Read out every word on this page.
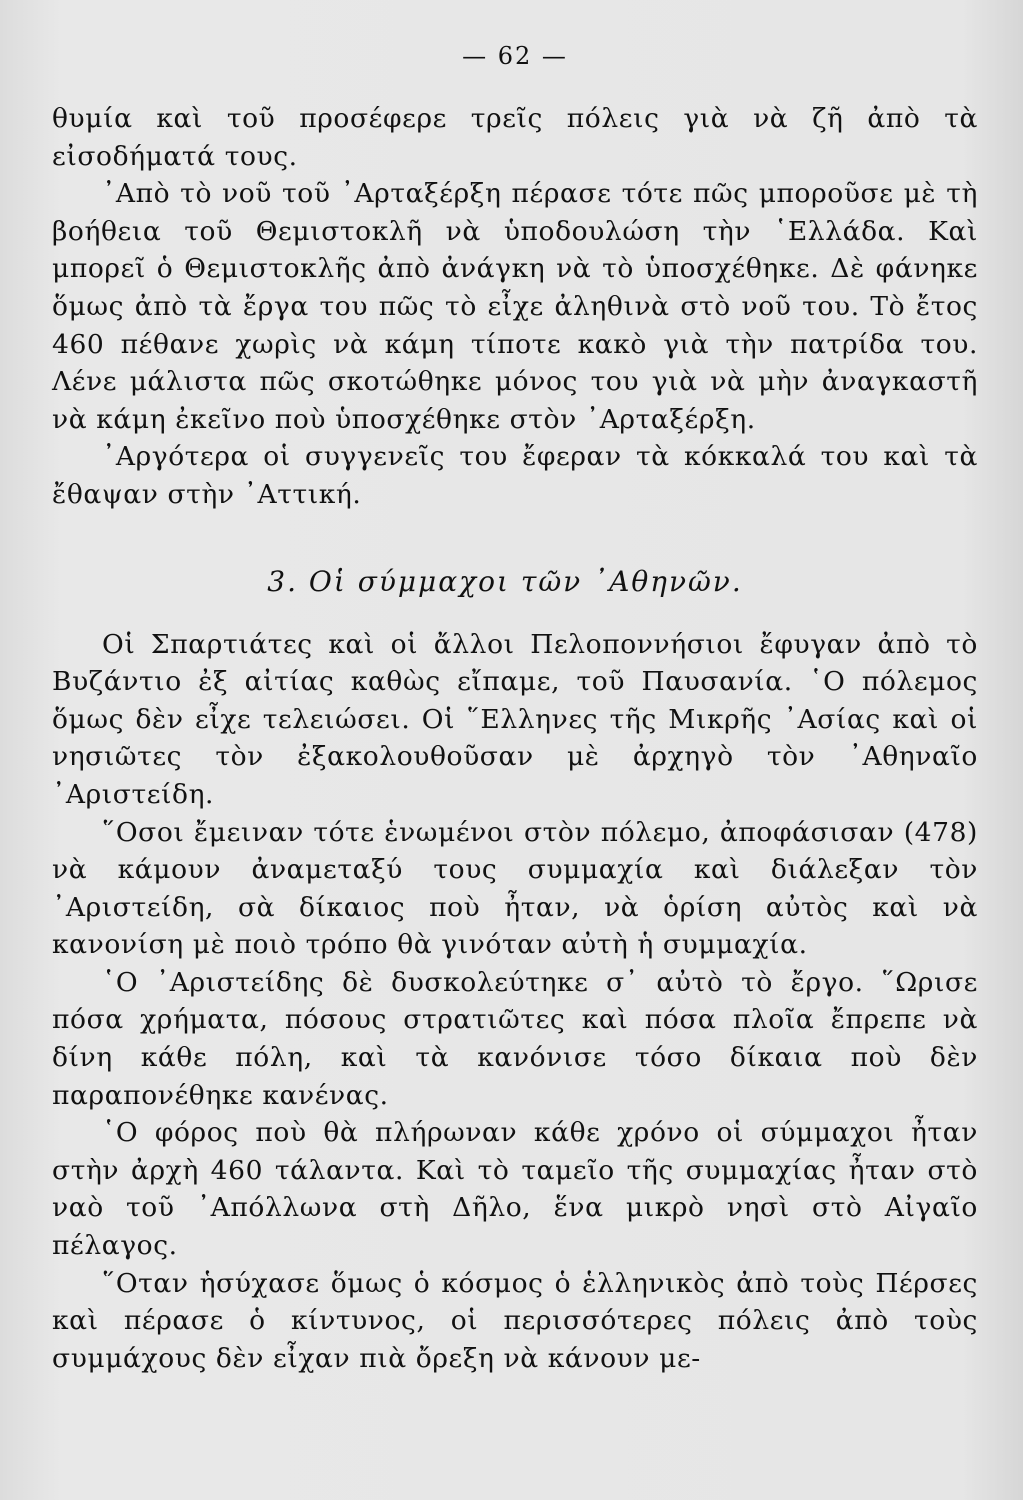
— 62 —

θυμία καὶ τοῦ προσέφερε τρεῖς πόλεις γιὰ νὰ ζῆ ἀπὸ τὰ εἰσοδήματά τους.

᾿Απὸ τὸ νοῦ τοῦ ᾿Αρταξέρξη πέρασε τότε πῶς μποροῦσε μὲ τὴ βοήθεια τοῦ Θεμιστοκλῆ νὰ ὑποδουλώση τὴν ῾Ελλάδα. Καὶ μπορεῖ ὁ Θεμιστοκλῆς ἀπὸ ἀνάγκη νὰ τὸ ὑποσχέθηκε. Δὲ φάνηκε ὅμως ἀπὸ τὰ ἔργα του πῶς τὸ εἶχε ἀληθινὰ στὸ νοῦ του. Τὸ ἔτος 460 πέθανε χωρὶς νὰ κάμη τίποτε κακὸ γιὰ τὴν πατρίδα του. Λένε μάλιστα πῶς σκοτώθηκε μόνος του γιὰ νὰ μὴν ἀναγκαστῆ νὰ κάμη ἐκεῖνο ποὺ ὑποσχέθηκε στὸν ᾿Αρταξέρξη.

᾿Αργότερα οἱ συγγενεῖς του ἔφεραν τὰ κόκκαλά του καὶ τὰ ἔθαψαν στὴν ᾿Αττική.

3. Οἱ σύμμαχοι τῶν ᾿Αθηνῶν.

Οἱ Σπαρτιάτες καὶ οἱ ἄλλοι Πελοποννήσιοι ἔφυγαν ἀπὸ τὸ Βυζάντιο ἐξ αἰτίας καθὼς εἴπαμε, τοῦ Παυσανία. ῾Ο πόλεμος ὅμως δὲν εἶχε τελειώσει. Οἱ ῞Ελληνες τῆς Μικρῆς ᾿Ασίας καὶ οἱ νησιῶτες τὸν ἐξακολουθοῦσαν μὲ ἀρχηγὸ τὸν ᾿Αθηναῖο ᾿Αριστείδη.

῞Οσοι ἔμειναν τότε ἑνωμένοι στὸν πόλεμο, ἀποφάσισαν (478) νὰ κάμουν ἀναμεταξύ τους συμμαχία καὶ διάλεξαν τὸν ᾿Αριστείδη, σὰ δίκαιος ποὺ ἦταν, νὰ ὁρίση αὐτὸς καὶ νὰ κανονίση μὲ ποιὸ τρόπο θὰ γινόταν αὐτὴ ἡ συμμαχία.

῾Ο ᾿Αριστείδης δὲ δυσκολεύτηκε σ᾿ αὐτὸ τὸ ἔργο. ῞Ωρισε πόσα χρήματα, πόσους στρατιῶτες καὶ πόσα πλοῖα ἔπρεπε νὰ δίνη κάθε πόλη, καὶ τὰ κανόνισε τόσο δίκαια ποὺ δὲν παραπονέθηκε κανένας.

῾Ο φόρος ποὺ θὰ πλήρωναν κάθε χρόνο οἱ σύμμαχοι ἦταν στὴν ἀρχὴ 460 τάλαντα. Καὶ τὸ ταμεῖο τῆς συμμαχίας ἦταν στὸ ναὸ τοῦ ᾿Απόλλωνα στὴ Δῆλο, ἕνα μικρὸ νησὶ στὸ Αἰγαῖο πέλαγος.

῞Οταν ἡσύχασε ὅμως ὁ κόσμος ὁ ἑλληνικὸς ἀπὸ τοὺς Πέρσες καὶ πέρασε ὁ κίντυνος, οἱ περισσότερες πόλεις ἀπὸ τοὺς συμμάχους δὲν εἶχαν πιὰ ὄρεξη νὰ κάνουν με-
